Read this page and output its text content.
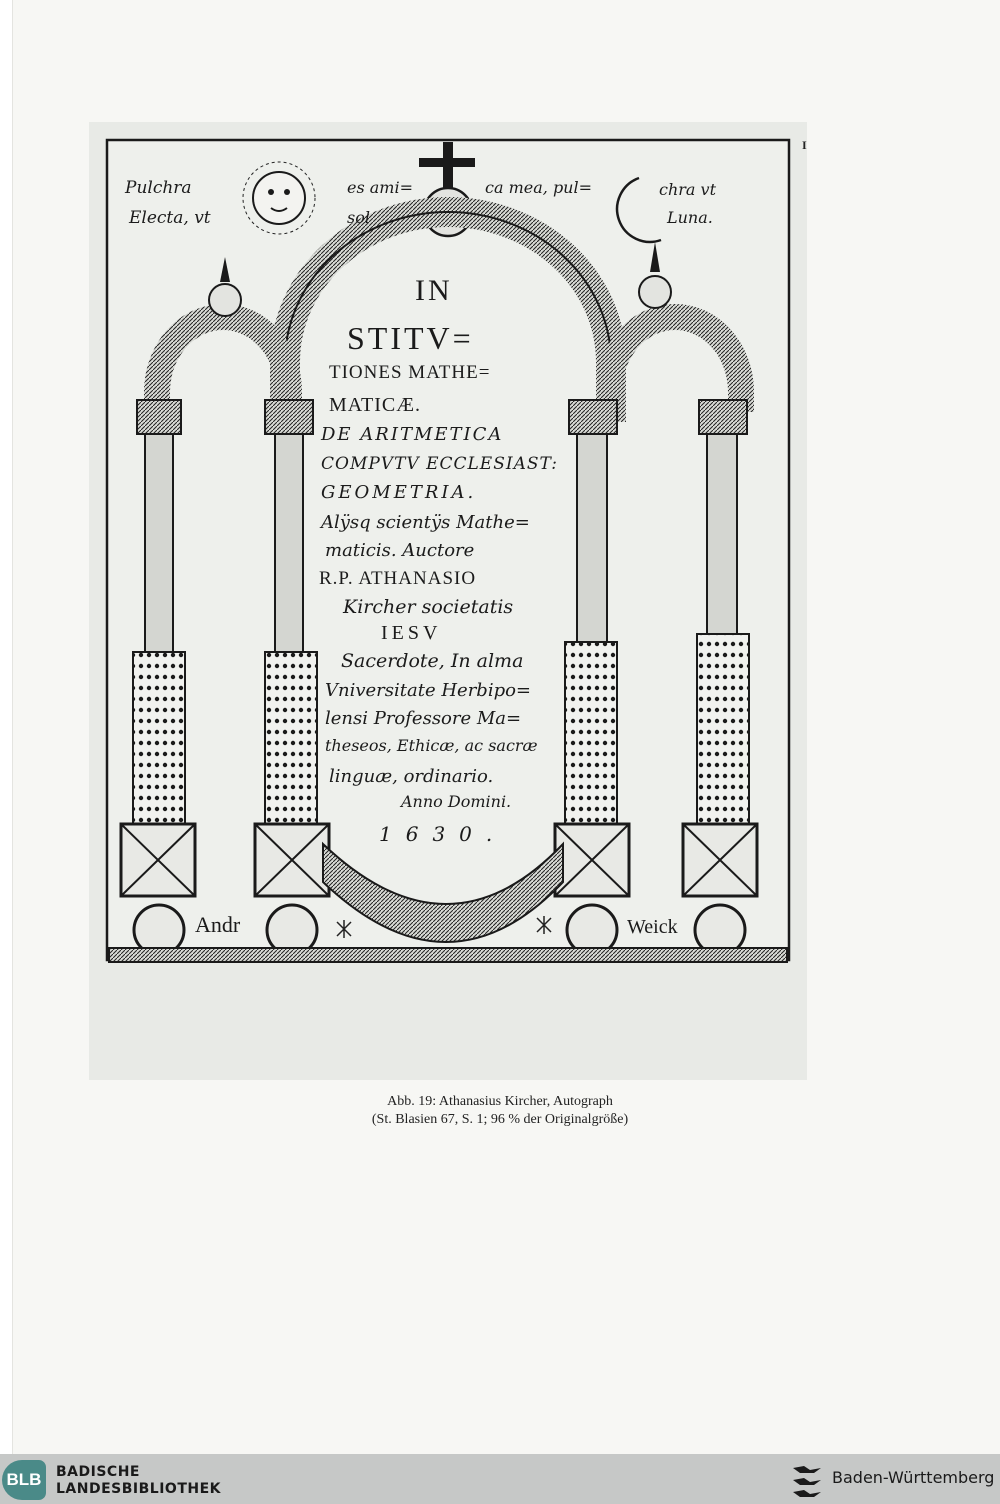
I
Pulchra
Electa, vt
es ami=
sol
ca mea, pul=	chra vt
Luna.
IN
STITV=
TIONES MATHE=
MATICÆ.
DE ARITMETICA
COMPVTV ECCLESIAST:
GEOMETRIA.
Alÿsq scientÿs Mathe=
maticis. Auctore
R.P. ATHANASIO
Kircher societatis
IESV
Sacerdote, In alma
Vniversitate Herbipo=
lensi Professore Ma=
theseos, Ethicæ, ac sacræ
linguæ, ordinario.
Anno Domini.
1630.
Andr	Weick
Abb. 19: Athanasius Kircher, Autograph
(St. Blasien 67, S. 1; 96 % der Originalgröße)
BLB	BADISCHE
LANDESBIBLIOTHEK
Baden-Württemberg
